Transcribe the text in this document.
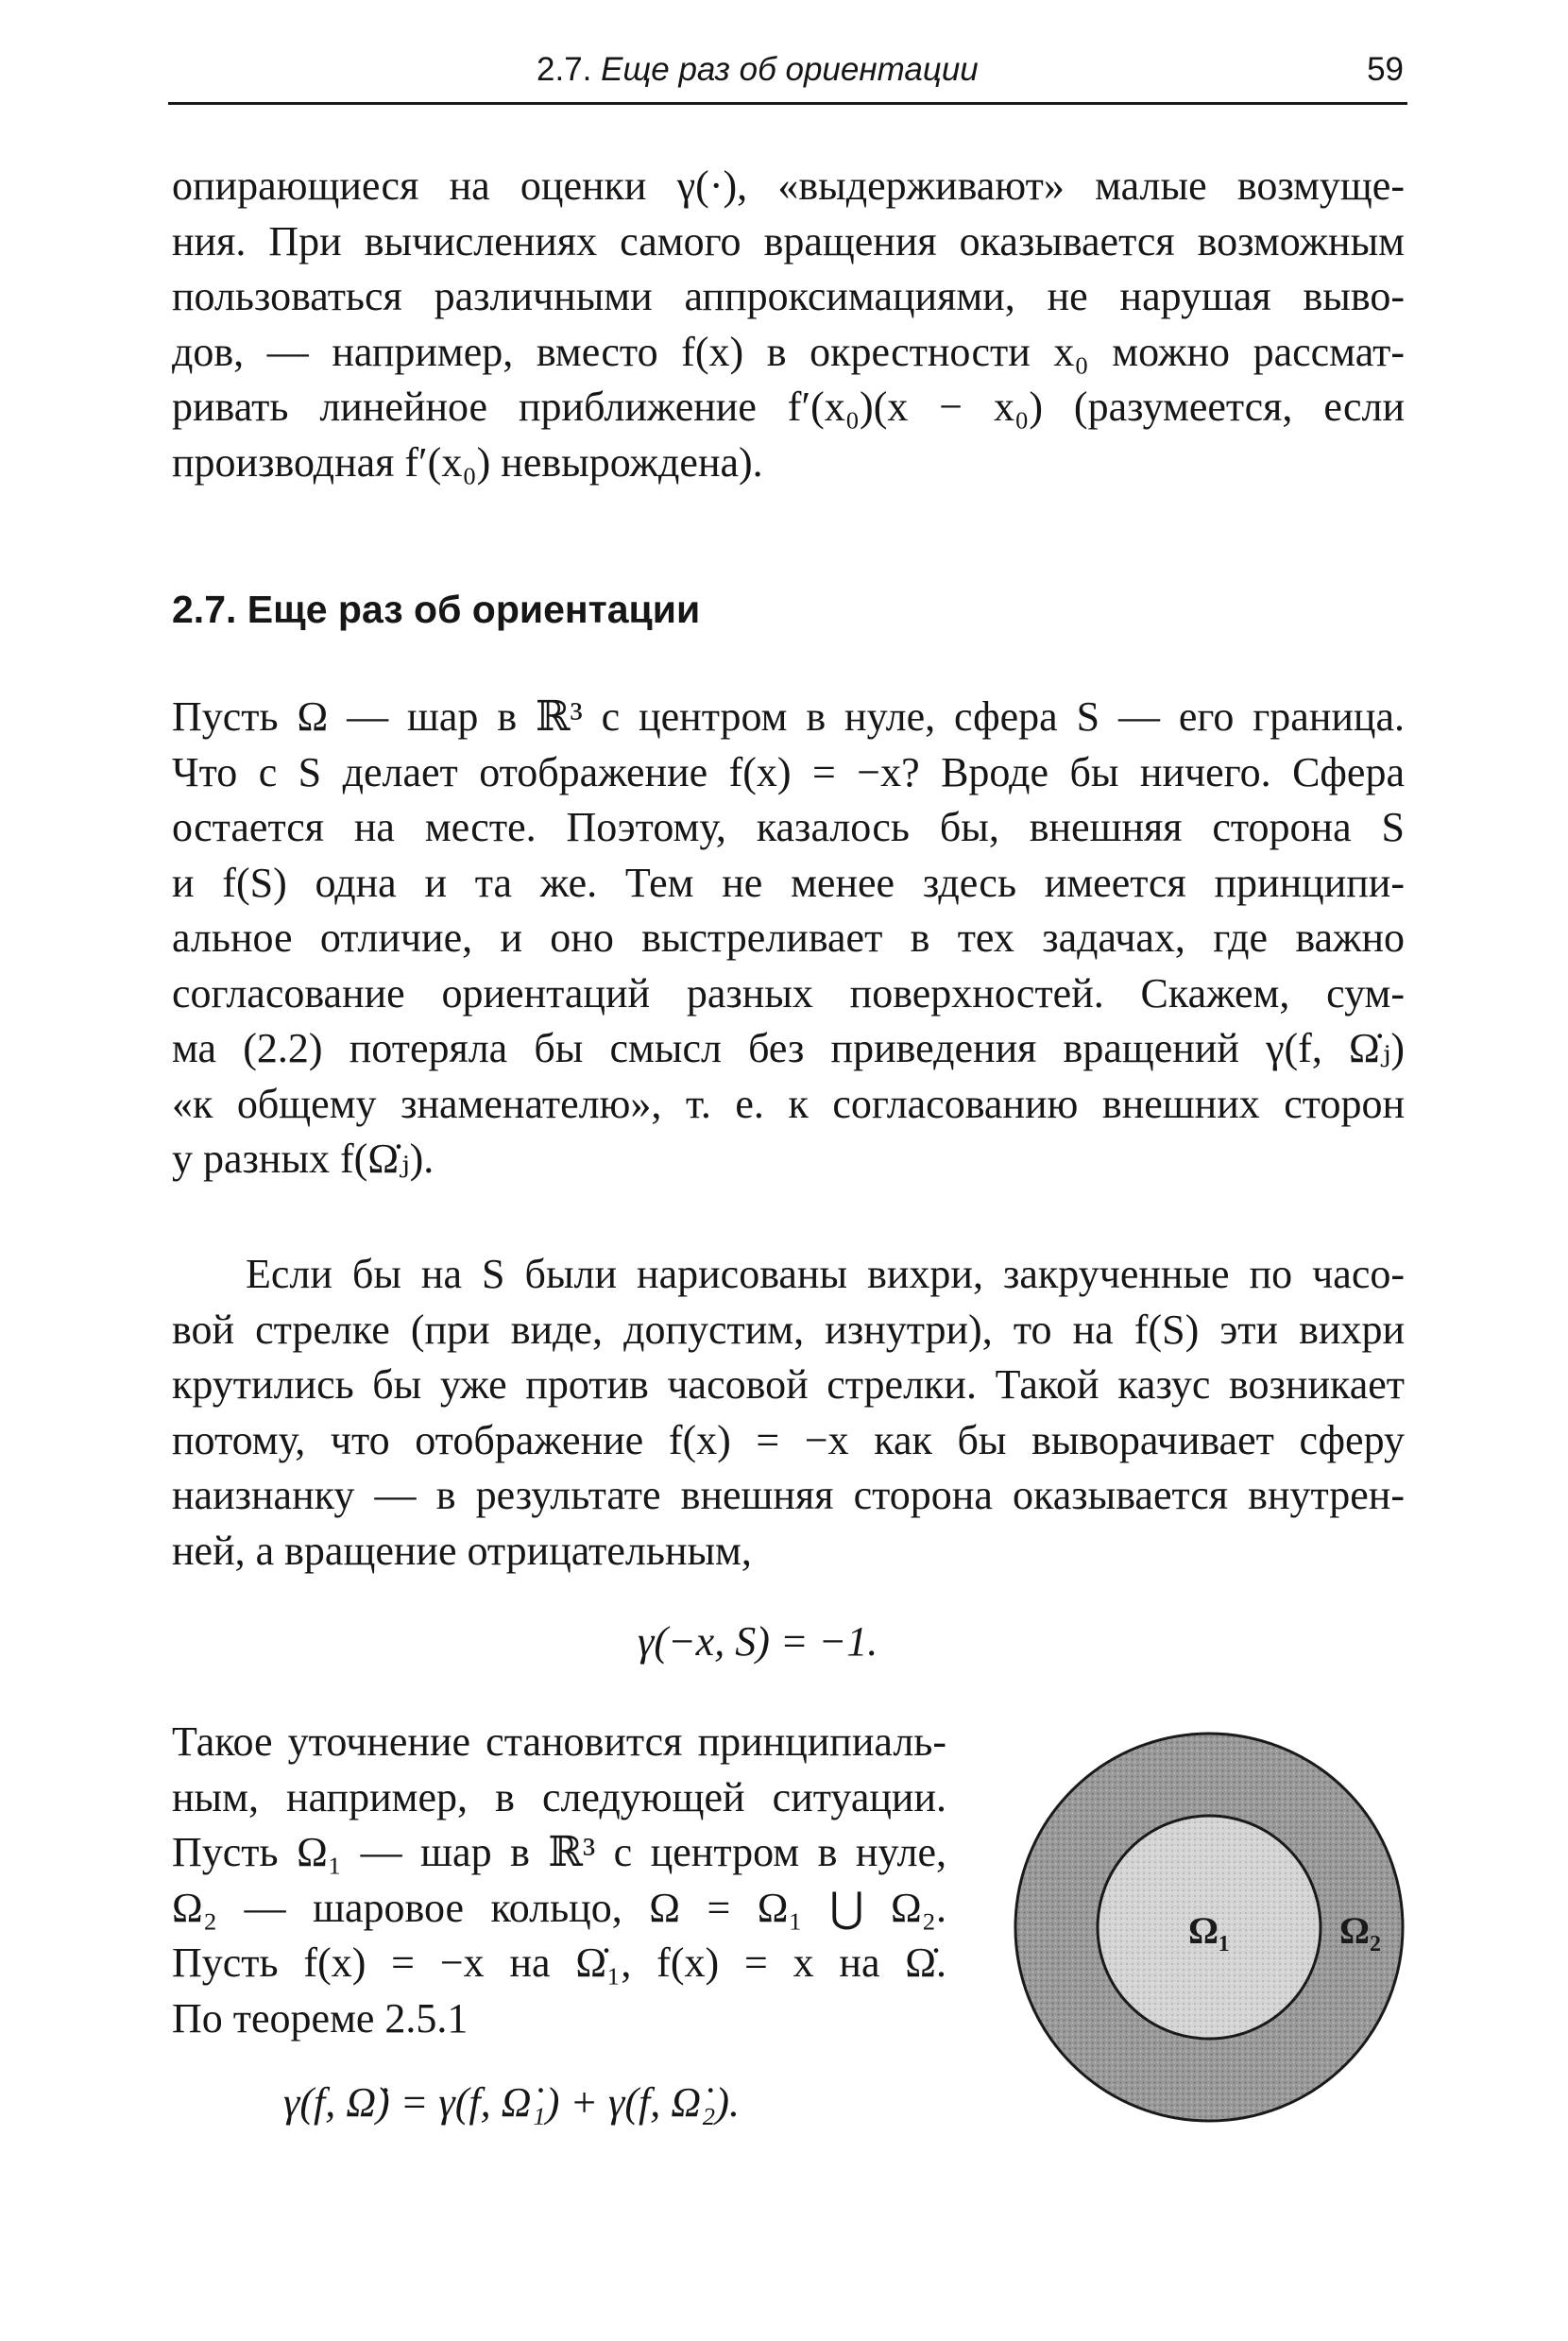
2.7. Еще раз об ориентации	59
опирающиеся на оценки γ(·), «выдерживают» малые возмуще-
ния. При вычислениях самого вращения оказывается возможным
пользоваться различными аппроксимациями, не нарушая выво-
дов, — например, вместо f(x) в окрестности x₀ можно рассмат-
ривать линейное приближение f′(x₀)(x − x₀) (разумеется, если
производная f′(x₀) невырождена).
2.7. Еще раз об ориентации
Пусть Ω — шар в ℝ³ с центром в нуле, сфера S — его граница.
Что с S делает отображение f(x) = −x? Вроде бы ничего. Сфера
остается на месте. Поэтому, казалось бы, внешняя сторона S
и f(S) одна и та же. Тем не менее здесь имеется принципи-
альное отличие, и оно выстреливает в тех задачах, где важно
согласование ориентаций разных поверхностей. Скажем, сум-
ма (2.2) потеряла бы смысл без приведения вращений γ(f, Ω̇ⱼ)
«к общему знаменателю», т. е. к согласованию внешних сторон
у разных f(Ω̇ⱼ).
Если бы на S были нарисованы вихри, закрученные по часо-
вой стрелке (при виде, допустим, изнутри), то на f(S) эти вихри
крутились бы уже против часовой стрелки. Такой казус возникает
потому, что отображение f(x) = −x как бы выворачивает сферу
наизнанку — в результате внешняя сторона оказывается внутрен-
ней, а вращение отрицательным,
γ(−x, S) = −1.
Такое уточнение становится принципиаль-
ным, например, в следующей ситуации.
Пусть Ω₁ — шар в ℝ³ с центром в нуле,
Ω₂ — шаровое кольцо, Ω = Ω₁ ⋃ Ω₂.
Пусть f(x) = −x на Ω̇₁, f(x) = x на Ω̇.
По теореме 2.5.1
γ(f, Ω̇) = γ(f, Ω̇₁) + γ(f, Ω̇₂).
Ω₁	Ω₂
